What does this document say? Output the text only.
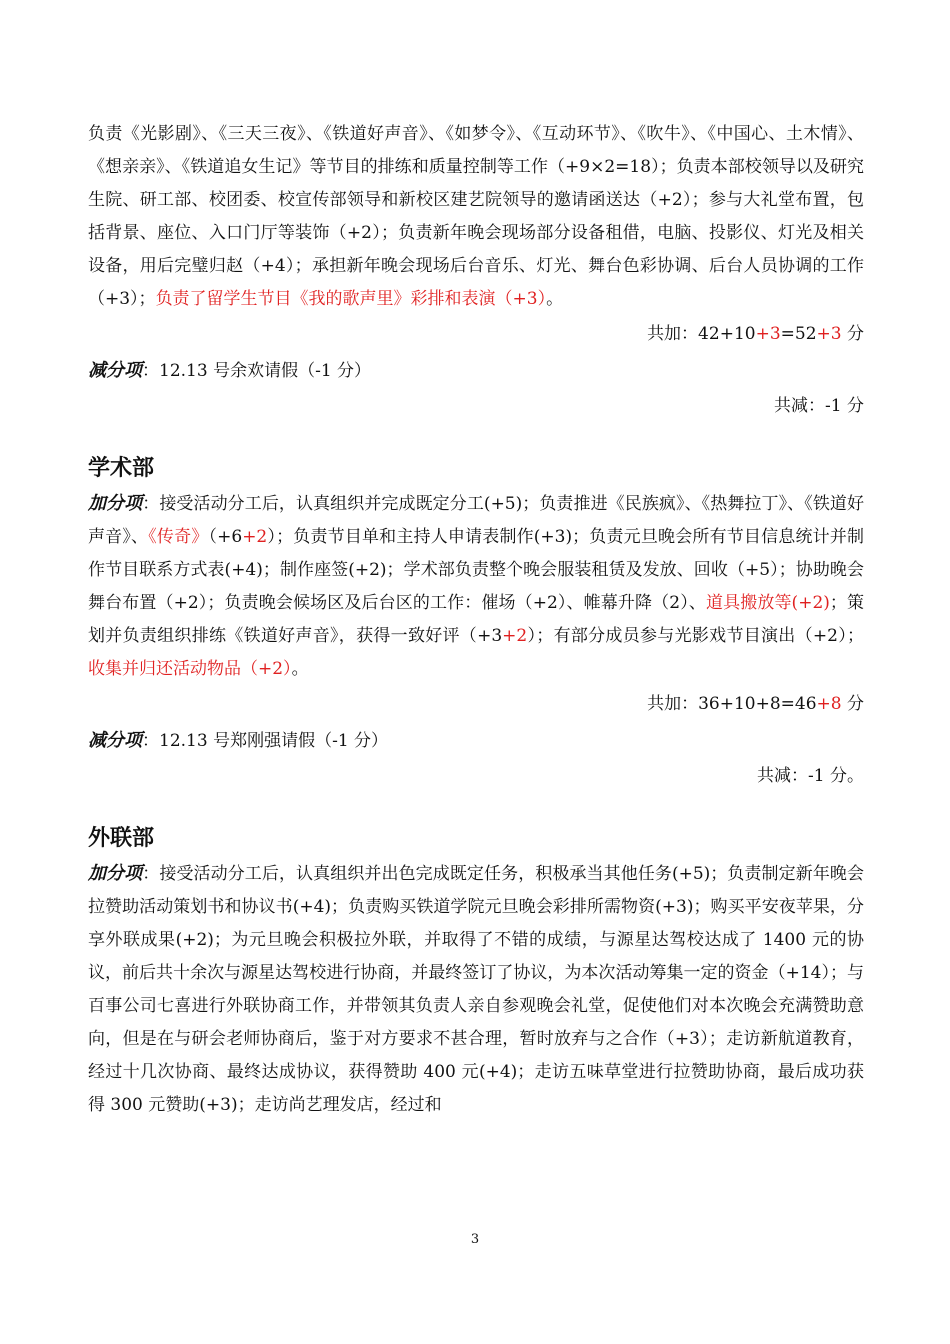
负责《光影剧》、《三天三夜》、《铁道好声音》、《如梦令》、《互动环节》、《吹牛》、《中国心、土木情》、《想亲亲》、《铁道追女生记》等节目的排练和质量控制等工作（+9×2=18）；负责本部校领导以及研究生院、研工部、校团委、校宣传部领导和新校区建艺院领导的邀请函送达（+2）；参与大礼堂布置，包括背景、座位、入口门厅等装饰（+2）；负责新年晚会现场部分设备租借，电脑、投影仪、灯光及相关设备，用后完璧归赵（+4）；承担新年晚会现场后台音乐、灯光、舞台色彩协调、后台人员协调的工作（+3）；负责了留学生节目《我的歌声里》彩排和表演（+3）。

共加：42+10+3=52+3 分

减分项：12.13 号余欢请假（-1 分）

共减：-1 分

学术部

加分项：接受活动分工后，认真组织并完成既定分工(+5)；负责推进《民族疯》、《热舞拉丁》、《铁道好声音》、《传奇》（+6+2）；负责节目单和主持人申请表制作(+3)；负责元旦晚会所有节目信息统计并制作节目联系方式表(+4)；制作座签(+2)；学术部负责整个晚会服装租赁及发放、回收（+5）；协助晚会舞台布置（+2）；负责晚会候场区及后台区的工作：催场（+2）、帷幕升降（2）、道具搬放等(+2)；策划并负责组织排练《铁道好声音》，获得一致好评（+3+2）；有部分成员参与光影戏节目演出（+2）；收集并归还活动物品（+2）。

共加：36+10+8=46+8 分

减分项：12.13 号郑刚强请假（-1 分）

共减：-1 分。

外联部

加分项：接受活动分工后，认真组织并出色完成既定任务，积极承当其他任务(+5)；负责制定新年晚会拉赞助活动策划书和协议书(+4)；负责购买铁道学院元旦晚会彩排所需物资(+3)；购买平安夜苹果，分享外联成果(+2)；为元旦晚会积极拉外联，并取得了不错的成绩，与源星达驾校达成了 1400 元的协议，前后共十余次与源星达驾校进行协商，并最终签订了协议，为本次活动筹集一定的资金（+14）；与百事公司七喜进行外联协商工作，并带领其负责人亲自参观晚会礼堂，促使他们对本次晚会充满赞助意向，但是在与研会老师协商后，鉴于对方要求不甚合理，暂时放弃与之合作（+3）；走访新航道教育，经过十几次协商、最终达成协议，获得赞助 400 元(+4)；走访五味草堂进行拉赞助协商，最后成功获得 300 元赞助(+3)；走访尚艺理发店，经过和

3
